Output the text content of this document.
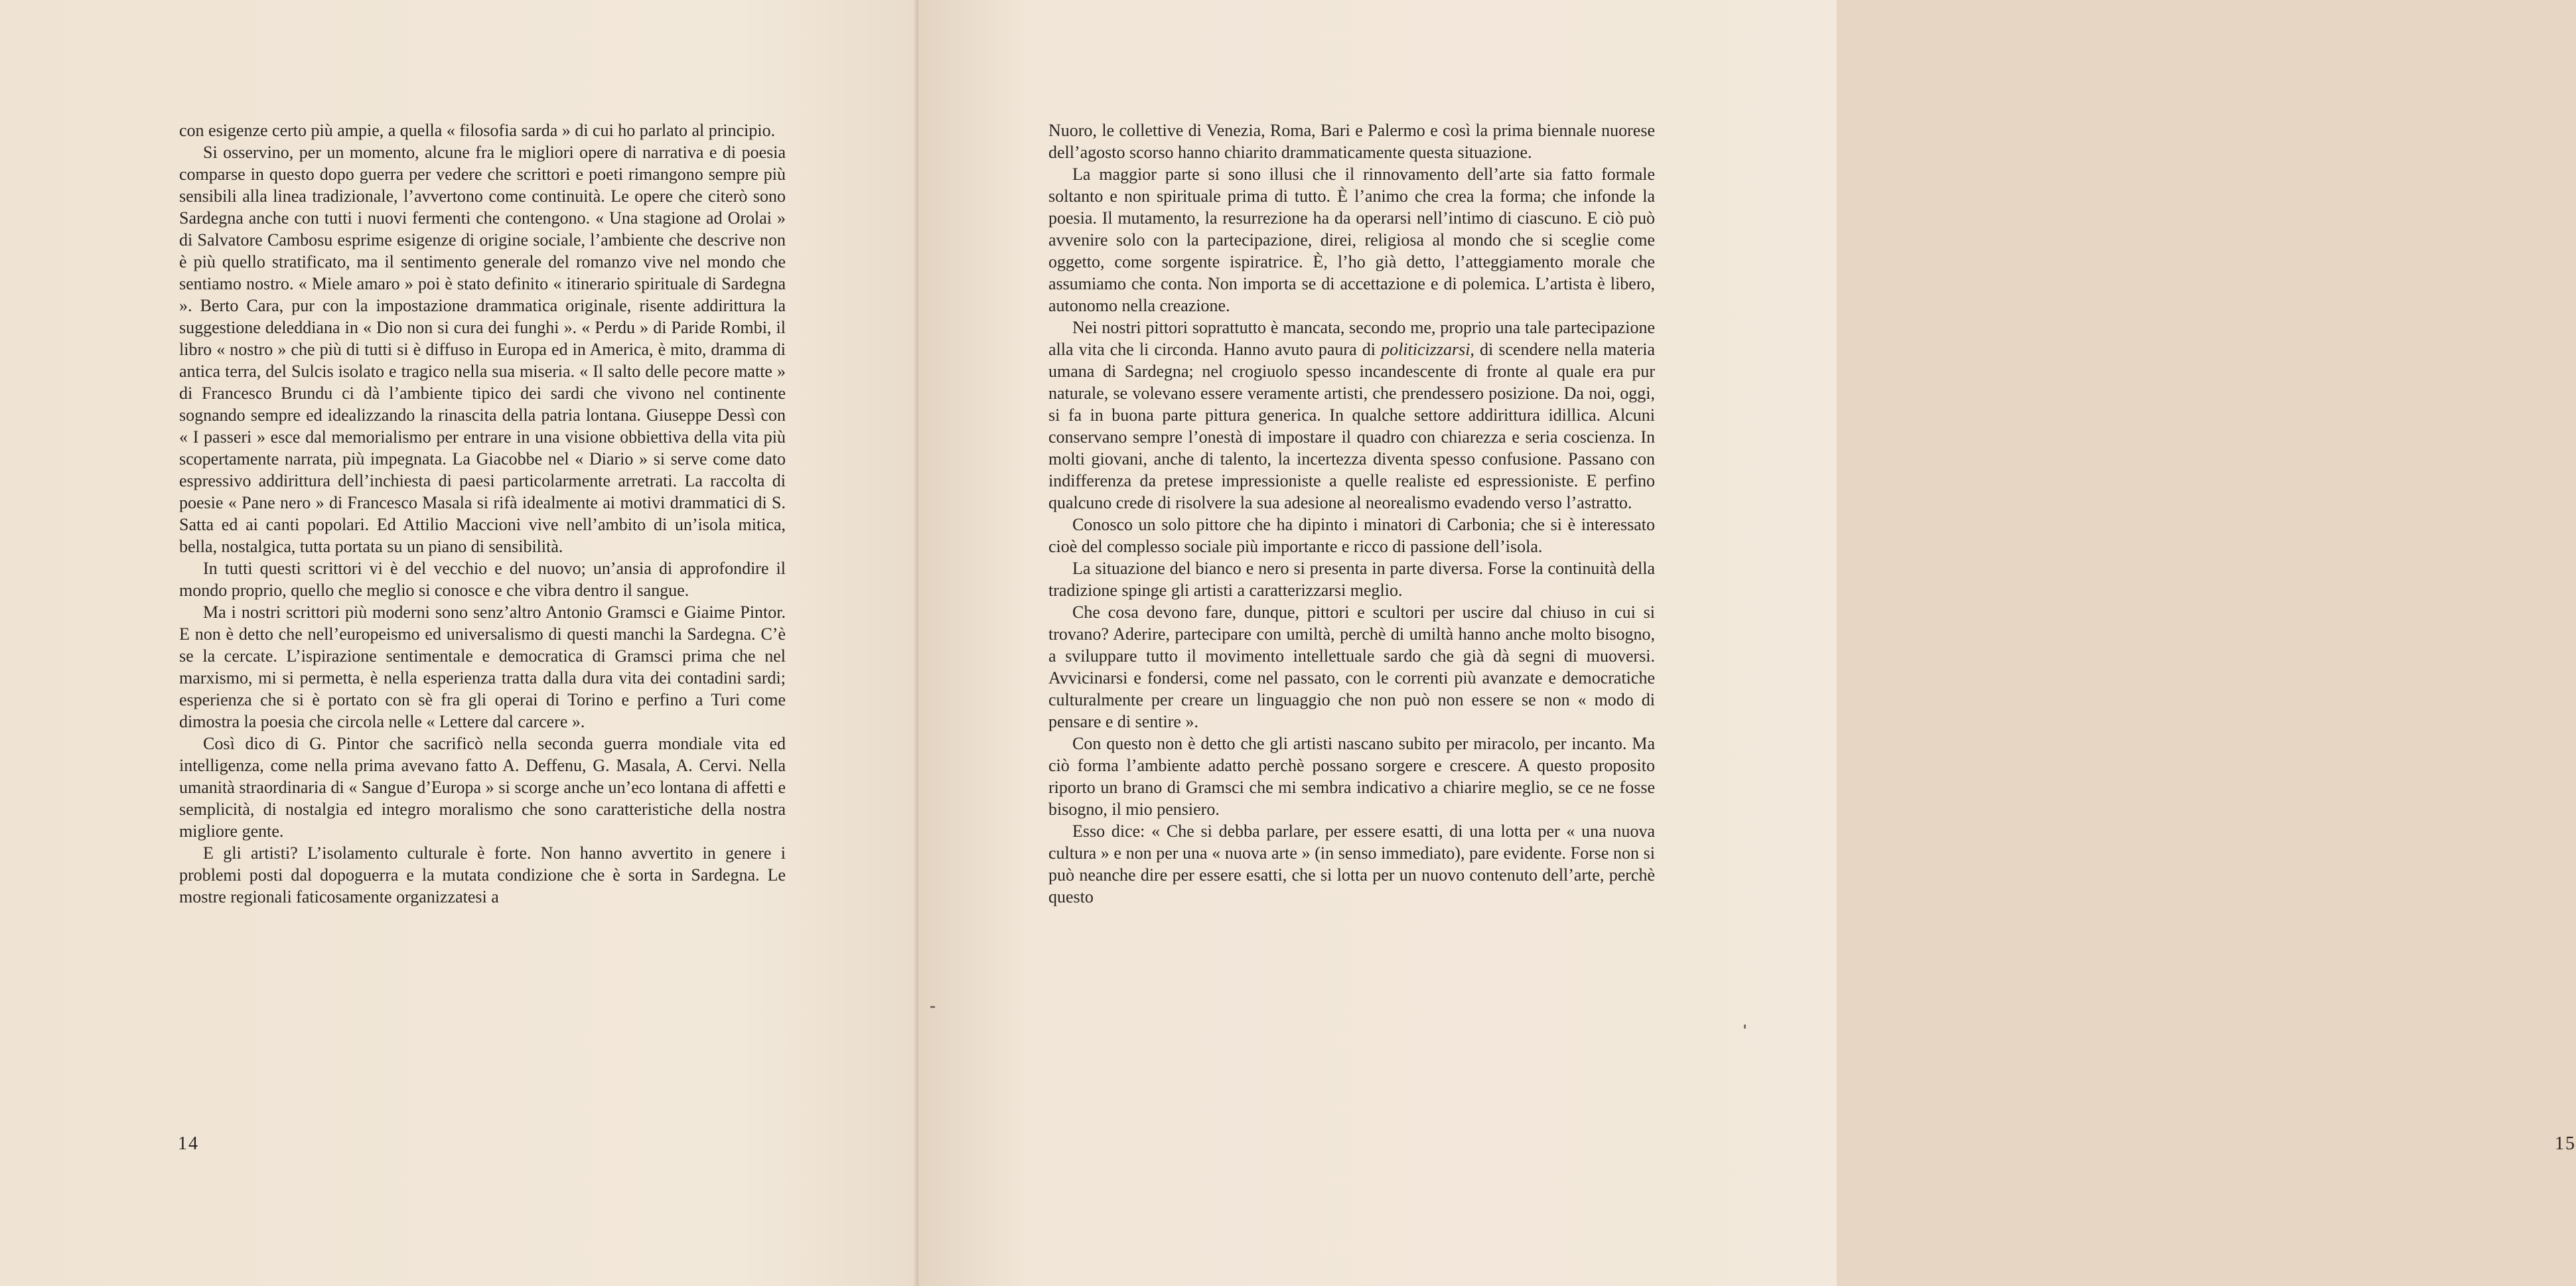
con esigenze certo più ampie, a quella « filosofia sarda » di cui ho parlato al principio.

Si osservino, per un momento, alcune fra le migliori opere di narrativa e di poesia comparse in questo dopo guerra per vedere che scrittori e poeti rimangono sempre più sensibili alla linea tradizionale, l’avvertono come continuità. Le opere che citerò sono Sardegna anche con tutti i nuovi fermenti che contengono. « Una stagione ad Orolai » di Salvatore Cambosu esprime esigenze di origine sociale, l’ambiente che descrive non è più quello stratificato, ma il sentimento generale del romanzo vive nel mondo che sentiamo nostro. « Miele amaro » poi è stato definito « itinerario spirituale di Sardegna ». Berto Cara, pur con la impostazione drammatica originale, risente addirittura la suggestione deleddiana in « Dio non si cura dei funghi ». « Perdu » di Paride Rombi, il libro « nostro » che più di tutti si è diffuso in Europa ed in America, è mito, dramma di antica terra, del Sulcis isolato e tragico nella sua miseria. « Il salto delle pecore matte » di Francesco Brundu ci dà l’ambiente tipico dei sardi che vivono nel continente sognando sempre ed idealizzando la rinascita della patria lontana. Giuseppe Dessì con « I passeri » esce dal memorialismo per entrare in una visione obbiettiva della vita più scopertamente narrata, più impegnata. La Giacobbe nel « Diario » si serve come dato espressivo addirittura dell’inchiesta di paesi particolarmente arretrati. La raccolta di poesie « Pane nero » di Francesco Masala si rifà idealmente ai motivi drammatici di S. Satta ed ai canti popolari. Ed Attilio Maccioni vive nell’ambito di un’isola mitica, bella, nostalgica, tutta portata su un piano di sensibilità.

In tutti questi scrittori vi è del vecchio e del nuovo; un’ansia di approfondire il mondo proprio, quello che meglio si conosce e che vibra dentro il sangue.

Ma i nostri scrittori più moderni sono senz’altro Antonio Gramsci e Giaime Pintor. E non è detto che nell’europeismo ed universalismo di questi manchi la Sardegna. C’è se la cercate. L’ispirazione sentimentale e democratica di Gramsci prima che nel marxismo, mi si permetta, è nella esperienza tratta dalla dura vita dei contadini sardi; esperienza che si è portato con sè fra gli operai di Torino e perfino a Turi come dimostra la poesia che circola nelle « Lettere dal carcere ».

Così dico di G. Pintor che sacrificò nella seconda guerra mondiale vita ed intelligenza, come nella prima avevano fatto A. Deffenu, G. Masala, A. Cervi. Nella umanità straordinaria di « Sangue d’Europa » si scorge anche un’eco lontana di affetti e semplicità, di nostalgia ed integro moralismo che sono caratteristiche della nostra migliore gente.

E gli artisti? L’isolamento culturale è forte. Non hanno avvertito in genere i problemi posti dal dopoguerra e la mutata condizione che è sorta in Sardegna. Le mostre regionali faticosamente organizzatesi a

14	15

Nuoro, le collettive di Venezia, Roma, Bari e Palermo e così la prima biennale nuorese dell’agosto scorso hanno chiarito drammaticamente questa situazione.

La maggior parte si sono illusi che il rinnovamento dell’arte sia fatto formale soltanto e non spirituale prima di tutto. È l’animo che crea la forma; che infonde la poesia. Il mutamento, la resurrezione ha da operarsi nell’intimo di ciascuno. E ciò può avvenire solo con la partecipazione, direi, religiosa al mondo che si sceglie come oggetto, come sorgente ispiratrice. È, l’ho già detto, l’atteggiamento morale che assumiamo che conta. Non importa se di accettazione e di polemica. L’artista è libero, autonomo nella creazione.

Nei nostri pittori soprattutto è mancata, secondo me, proprio una tale partecipazione alla vita che li circonda. Hanno avuto paura di politicizzarsi, di scendere nella materia umana di Sardegna; nel crogiuolo spesso incandescente di fronte al quale era pur naturale, se volevano essere veramente artisti, che prendessero posizione. Da noi, oggi, si fa in buona parte pittura generica. In qualche settore addirittura idillica. Alcuni conservano sempre l’onestà di impostare il quadro con chiarezza e seria coscienza. In molti giovani, anche di talento, la incertezza diventa spesso confusione. Passano con indifferenza da pretese impressioniste a quelle realiste ed espressioniste. E perfino qualcuno crede di risolvere la sua adesione al neorealismo evadendo verso l’astratto.

Conosco un solo pittore che ha dipinto i minatori di Carbonia; che si è interessato cioè del complesso sociale più importante e ricco di passione dell’isola.

La situazione del bianco e nero si presenta in parte diversa. Forse la continuità della tradizione spinge gli artisti a caratterizzarsi meglio.

Che cosa devono fare, dunque, pittori e scultori per uscire dal chiuso in cui si trovano? Aderire, partecipare con umiltà, perchè di umiltà hanno anche molto bisogno, a sviluppare tutto il movimento intellettuale sardo che già dà segni di muoversi. Avvicinarsi e fondersi, come nel passato, con le correnti più avanzate e democratiche culturalmente per creare un linguaggio che non può non essere se non « modo di pensare e di sentire ».

Con questo non è detto che gli artisti nascano subito per miracolo, per incanto. Ma ciò forma l’ambiente adatto perchè possano sorgere e crescere. A questo proposito riporto un brano di Gramsci che mi sembra indicativo a chiarire meglio, se ce ne fosse bisogno, il mio pensiero.

Esso dice: « Che si debba parlare, per essere esatti, di una lotta per « una nuova cultura » e non per una « nuova arte » (in senso immediato), pare evidente. Forse non si può neanche dire per essere esatti, che si lotta per un nuovo contenuto dell’arte, perchè questo
